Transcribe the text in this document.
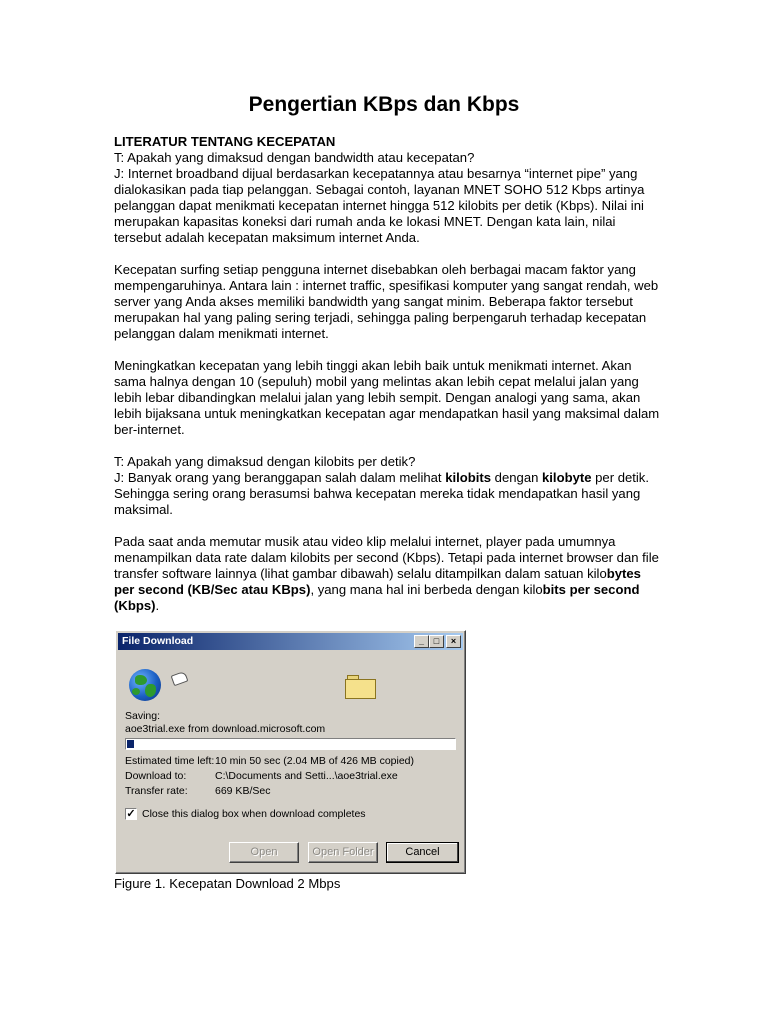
Pengertian KBps dan Kbps

LITERATUR TENTANG KECEPATAN

T: Apakah yang dimaksud dengan bandwidth atau kecepatan?

J: Internet broadband dijual berdasarkan kecepatannya atau besarnya “internet pipe” yang dialokasikan pada tiap pelanggan. Sebagai contoh, layanan MNET SOHO 512 Kbps artinya pelanggan dapat menikmati kecepatan internet hingga 512 kilobits per detik (Kbps). Nilai ini merupakan kapasitas koneksi dari rumah anda ke lokasi MNET. Dengan kata lain, nilai tersebut adalah kecepatan maksimum internet Anda.

Kecepatan surfing setiap pengguna internet disebabkan oleh berbagai macam faktor yang mempengaruhinya. Antara lain : internet traffic, spesifikasi komputer yang sangat rendah, web server yang Anda akses memiliki bandwidth yang sangat minim. Beberapa faktor tersebut merupakan hal yang paling sering terjadi, sehingga paling berpengaruh terhadap kecepatan pelanggan dalam menikmati internet.

Meningkatkan kecepatan yang lebih tinggi akan lebih baik untuk menikmati internet. Akan sama halnya dengan 10 (sepuluh) mobil yang melintas akan lebih cepat melalui jalan yang lebih lebar dibandingkan melalui jalan yang lebih sempit. Dengan analogi yang sama, akan lebih bijaksana untuk meningkatkan kecepatan agar mendapatkan hasil yang maksimal dalam ber-internet.

T: Apakah yang dimaksud dengan kilobits per detik?

J: Banyak orang yang beranggapan salah dalam melihat kilobits dengan kilobyte per detik. Sehingga sering orang berasumsi bahwa kecepatan mereka tidak mendapatkan hasil yang maksimal.

Pada saat anda memutar musik atau video klip melalui internet, player pada umumnya menampilkan data rate dalam kilobits per second (Kbps). Tetapi pada internet browser dan file transfer software lainnya (lihat gambar dibawah) selalu ditampilkan dalam satuan kilobytes per second (KB/Sec atau KBps), yang mana hal ini berbeda dengan kilobits per second (Kbps).

File Download	_	□	×
Saving:
aoe3trial.exe from download.microsoft.com
Estimated time left: 10 min 50 sec (2.04 MB of 426 MB copied)
Download to:	C:\Documents and Setti...\aoe3trial.exe
Transfer rate:	669 KB/Sec
✓ Close this dialog box when download completes
Open	Open Folder	Cancel
Figure 1. Kecepatan Download 2 Mbps
